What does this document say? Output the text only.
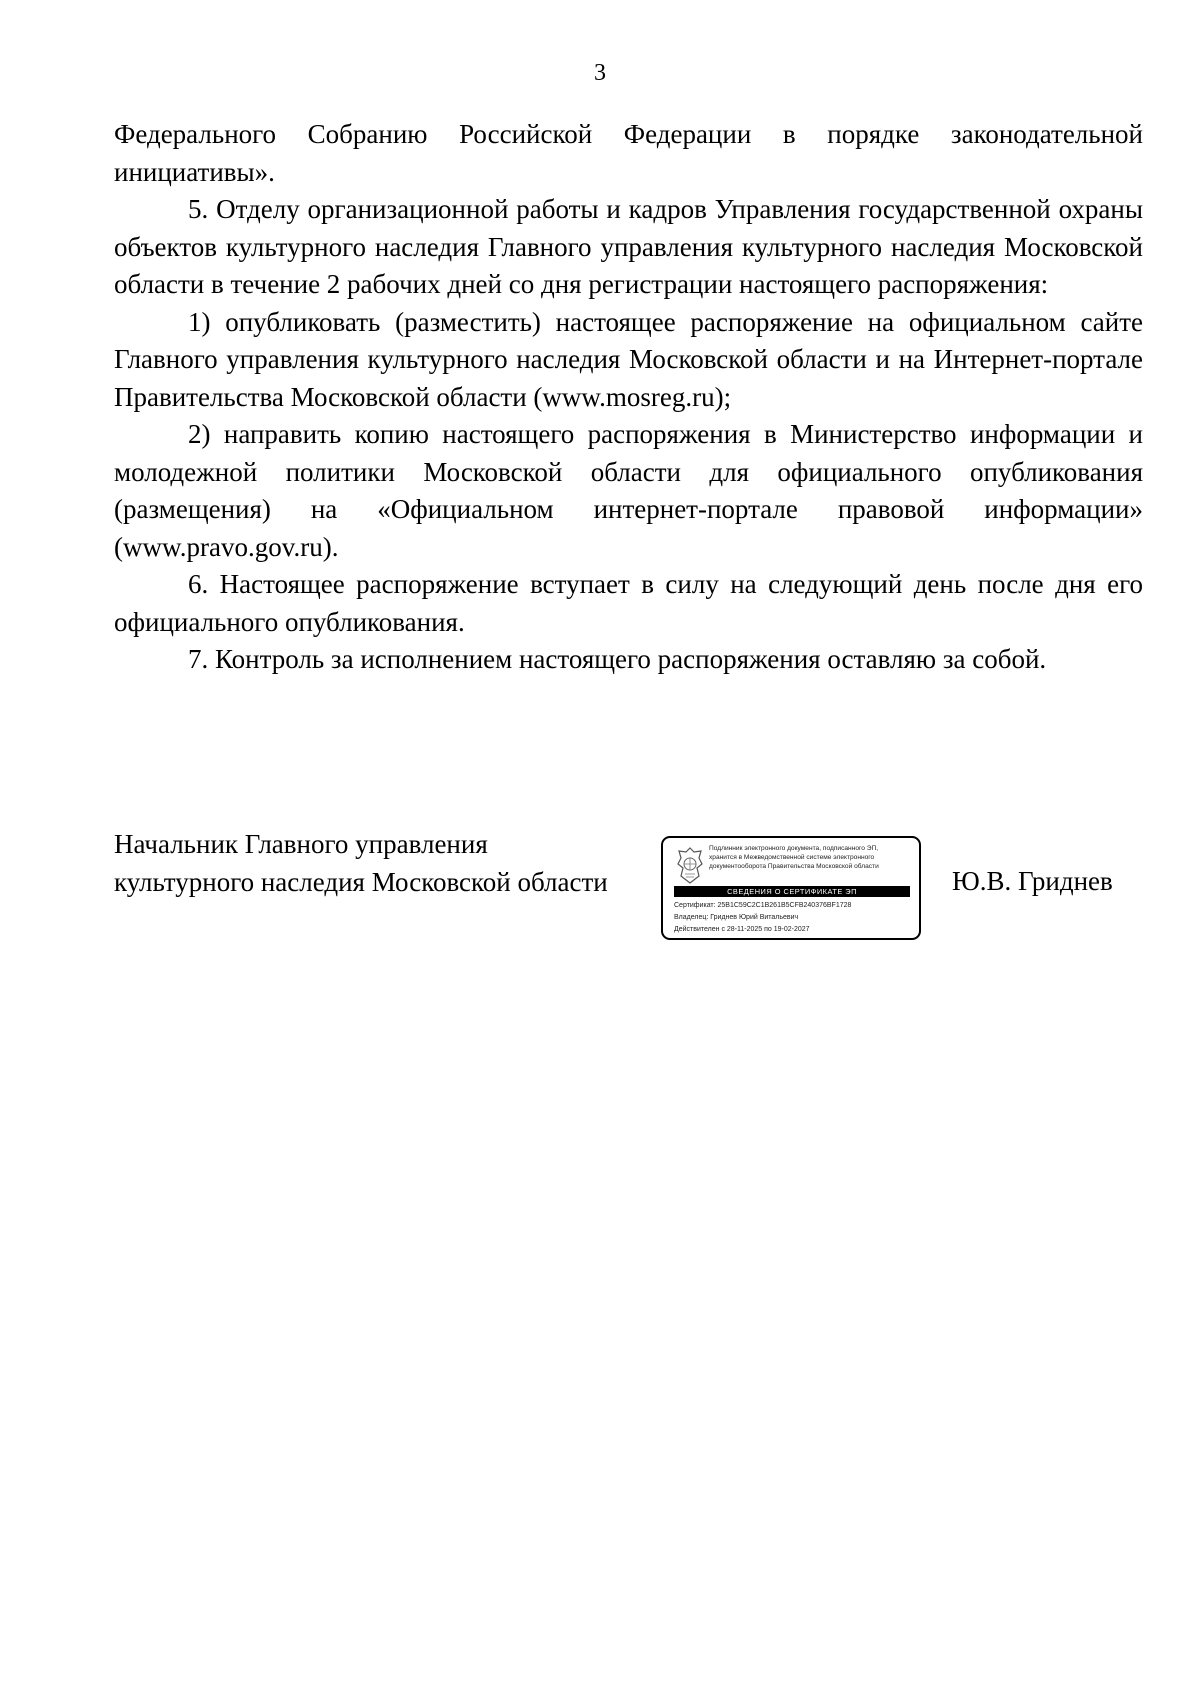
3

Федерального Собранию Российской Федерации в порядке законодательной инициативы».

5. Отделу организационной работы и кадров Управления государственной охраны объектов культурного наследия Главного управления культурного наследия Московской области в течение 2 рабочих дней со дня регистрации настоящего распоряжения:

1) опубликовать (разместить) настоящее распоряжение на официальном сайте Главного управления культурного наследия Московской области и на Интернет-портале Правительства Московской области (www.mosreg.ru);

2) направить копию настоящего распоряжения в Министерство информации и молодежной политики Московской области для официального опубликования (размещения) на «Официальном интернет-портале правовой информации» (www.pravo.gov.ru).

6. Настоящее распоряжение вступает в силу на следующий день после дня его официального опубликования.

7. Контроль за исполнением настоящего распоряжения оставляю за собой.

Начальник Главного управления
культурного наследия Московской области
Подлинник электронного документа, подписанного ЭП,
хранится в Межведомственной системе электронного
документооборота Правительства Московской области
СВЕДЕНИЯ О СЕРТИФИКАТЕ ЭП
Сертификат: 25B1C59C2C1B261B5CFB240376BF1728
Владелец: Гриднев Юрий Витальевич
Действителен с 28-11-2025 по 19-02-2027
Ю.В. Гриднев
